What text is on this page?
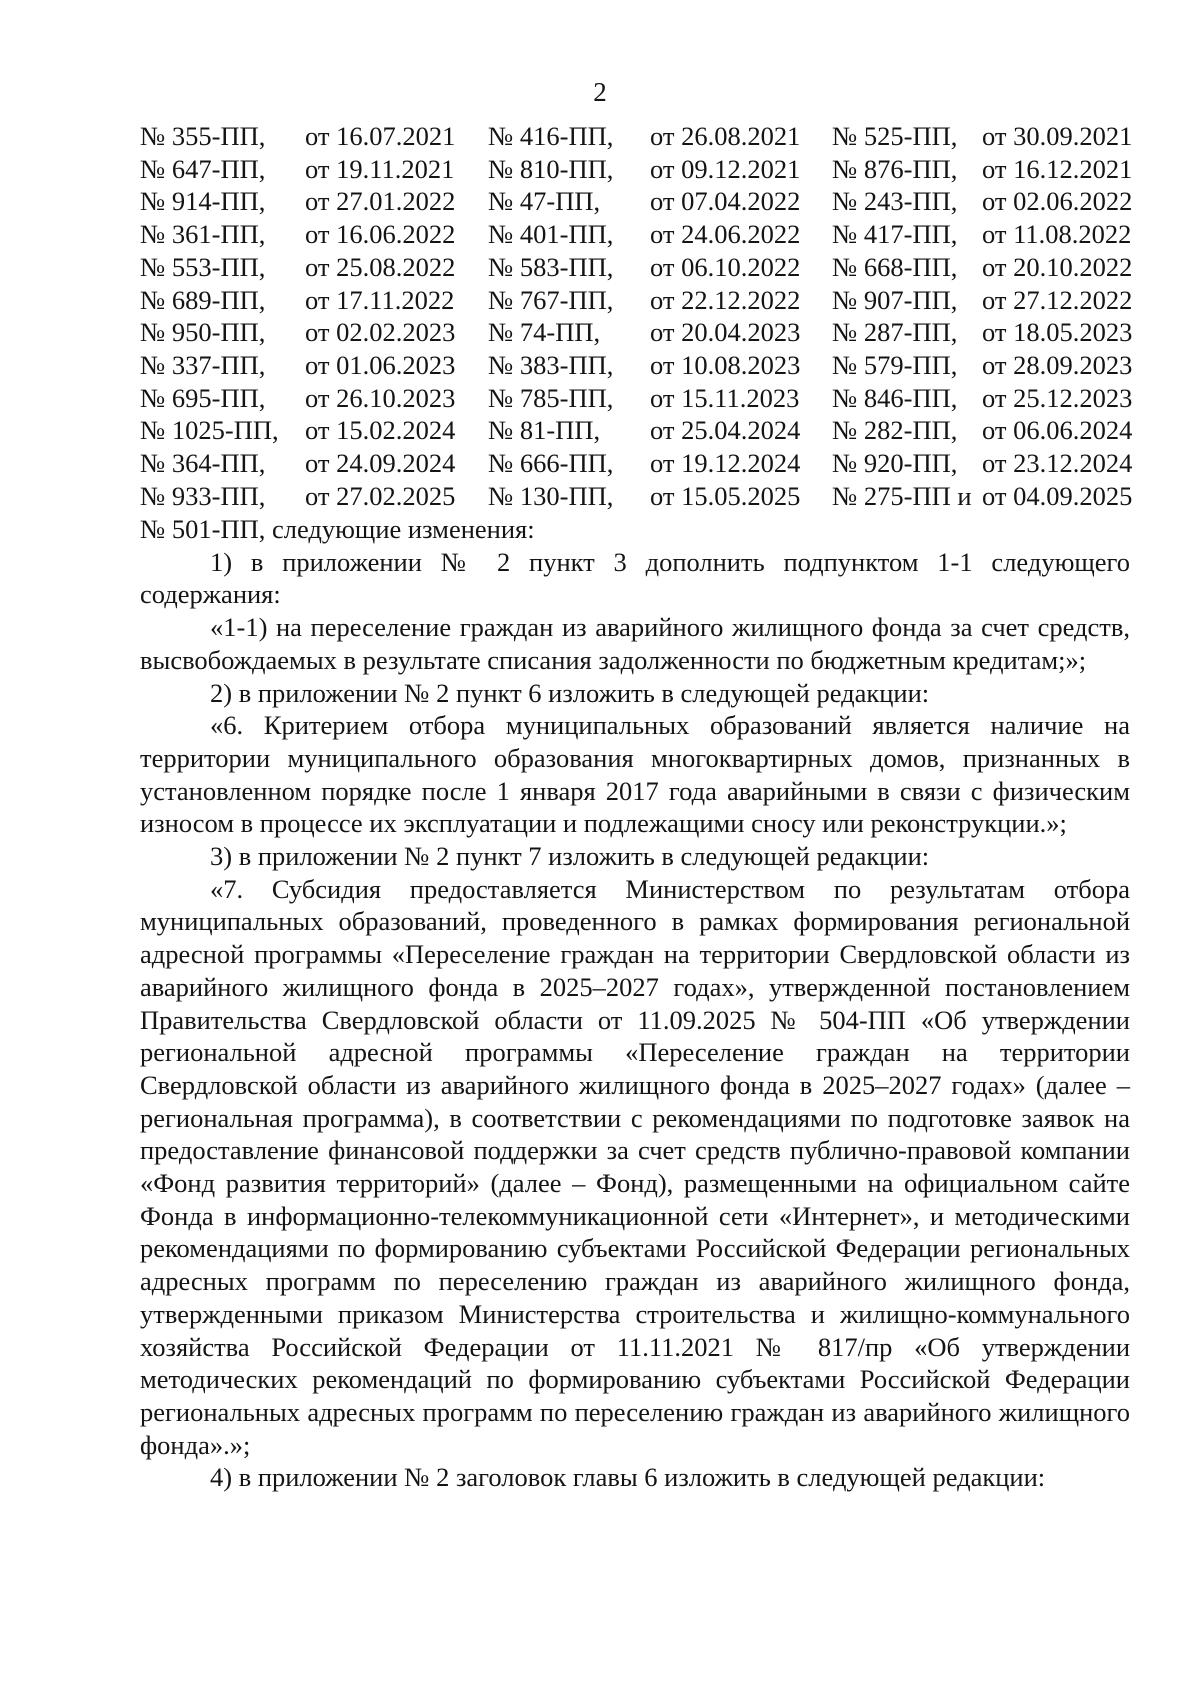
2
№ 355-ПП,	от 16.07.2021	№ 416-ПП,	от 26.08.2021	№ 525-ПП,	от 30.09.2021
№ 647-ПП,	от 19.11.2021	№ 810-ПП,	от 09.12.2021	№ 876-ПП,	от 16.12.2021
№ 914-ПП,	от 27.01.2022	№ 47-ПП,	от 07.04.2022	№ 243-ПП,	от 02.06.2022
№ 361-ПП,	от 16.06.2022	№ 401-ПП,	от 24.06.2022	№ 417-ПП,	от 11.08.2022
№ 553-ПП,	от 25.08.2022	№ 583-ПП,	от 06.10.2022	№ 668-ПП,	от 20.10.2022
№ 689-ПП,	от 17.11.2022	№ 767-ПП,	от 22.12.2022	№ 907-ПП,	от 27.12.2022
№ 950-ПП,	от 02.02.2023	№ 74-ПП,	от 20.04.2023	№ 287-ПП,	от 18.05.2023
№ 337-ПП,	от 01.06.2023	№ 383-ПП,	от 10.08.2023	№ 579-ПП,	от 28.09.2023
№ 695-ПП,	от 26.10.2023	№ 785-ПП,	от 15.11.2023	№ 846-ПП,	от 25.12.2023
№ 1025-ПП,	от 15.02.2024	№ 81-ПП,	от 25.04.2024	№ 282-ПП,	от 06.06.2024
№ 364-ПП,	от 24.09.2024	№ 666-ПП,	от 19.12.2024	№ 920-ПП,	от 23.12.2024
№ 933-ПП,	от 27.02.2025	№ 130-ПП,	от 15.05.2025	№ 275-ПП и	от 04.09.2025

№ 501-ПП, следующие изменения:

1) в приложении № 2 пункт 3 дополнить подпунктом 1-1 следующего содержания:

«1-1) на переселение граждан из аварийного жилищного фонда за счет средств, высвобождаемых в результате списания задолженности по бюджетным кредитам;»;

2) в приложении № 2 пункт 6 изложить в следующей редакции:

«6. Критерием отбора муниципальных образований является наличие на территории муниципального образования многоквартирных домов, признанных в установленном порядке после 1 января 2017 года аварийными в связи с физическим износом в процессе их эксплуатации и подлежащими сносу или реконструкции.»;

3) в приложении № 2 пункт 7 изложить в следующей редакции:

«7. Субсидия предоставляется Министерством по результатам отбора муниципальных образований, проведенного в рамках формирования региональной адресной программы «Переселение граждан на территории Свердловской области из аварийного жилищного фонда в 2025–2027 годах», утвержденной постановлением Правительства Свердловской области от 11.09.2025 № 504-ПП «Об утверждении региональной адресной программы «Переселение граждан на территории Свердловской области из аварийного жилищного фонда в 2025–2027 годах» (далее – региональная программа), в соответствии с рекомендациями по подготовке заявок на предоставление финансовой поддержки за счет средств публично-правовой компании «Фонд развития территорий» (далее – Фонд), размещенными на официальном сайте Фонда в информационно-телекоммуникационной сети «Интернет», и методическими рекомендациями по формированию субъектами Российской Федерации региональных адресных программ по переселению граждан из аварийного жилищного фонда, утвержденными приказом Министерства строительства и жилищно-коммунального хозяйства Российской Федерации от 11.11.2021 № 817/пр «Об утверждении методических рекомендаций по формированию субъектами Российской Федерации региональных адресных программ по переселению граждан из аварийного жилищного фонда».»;

4) в приложении № 2 заголовок главы 6 изложить в следующей редакции:
